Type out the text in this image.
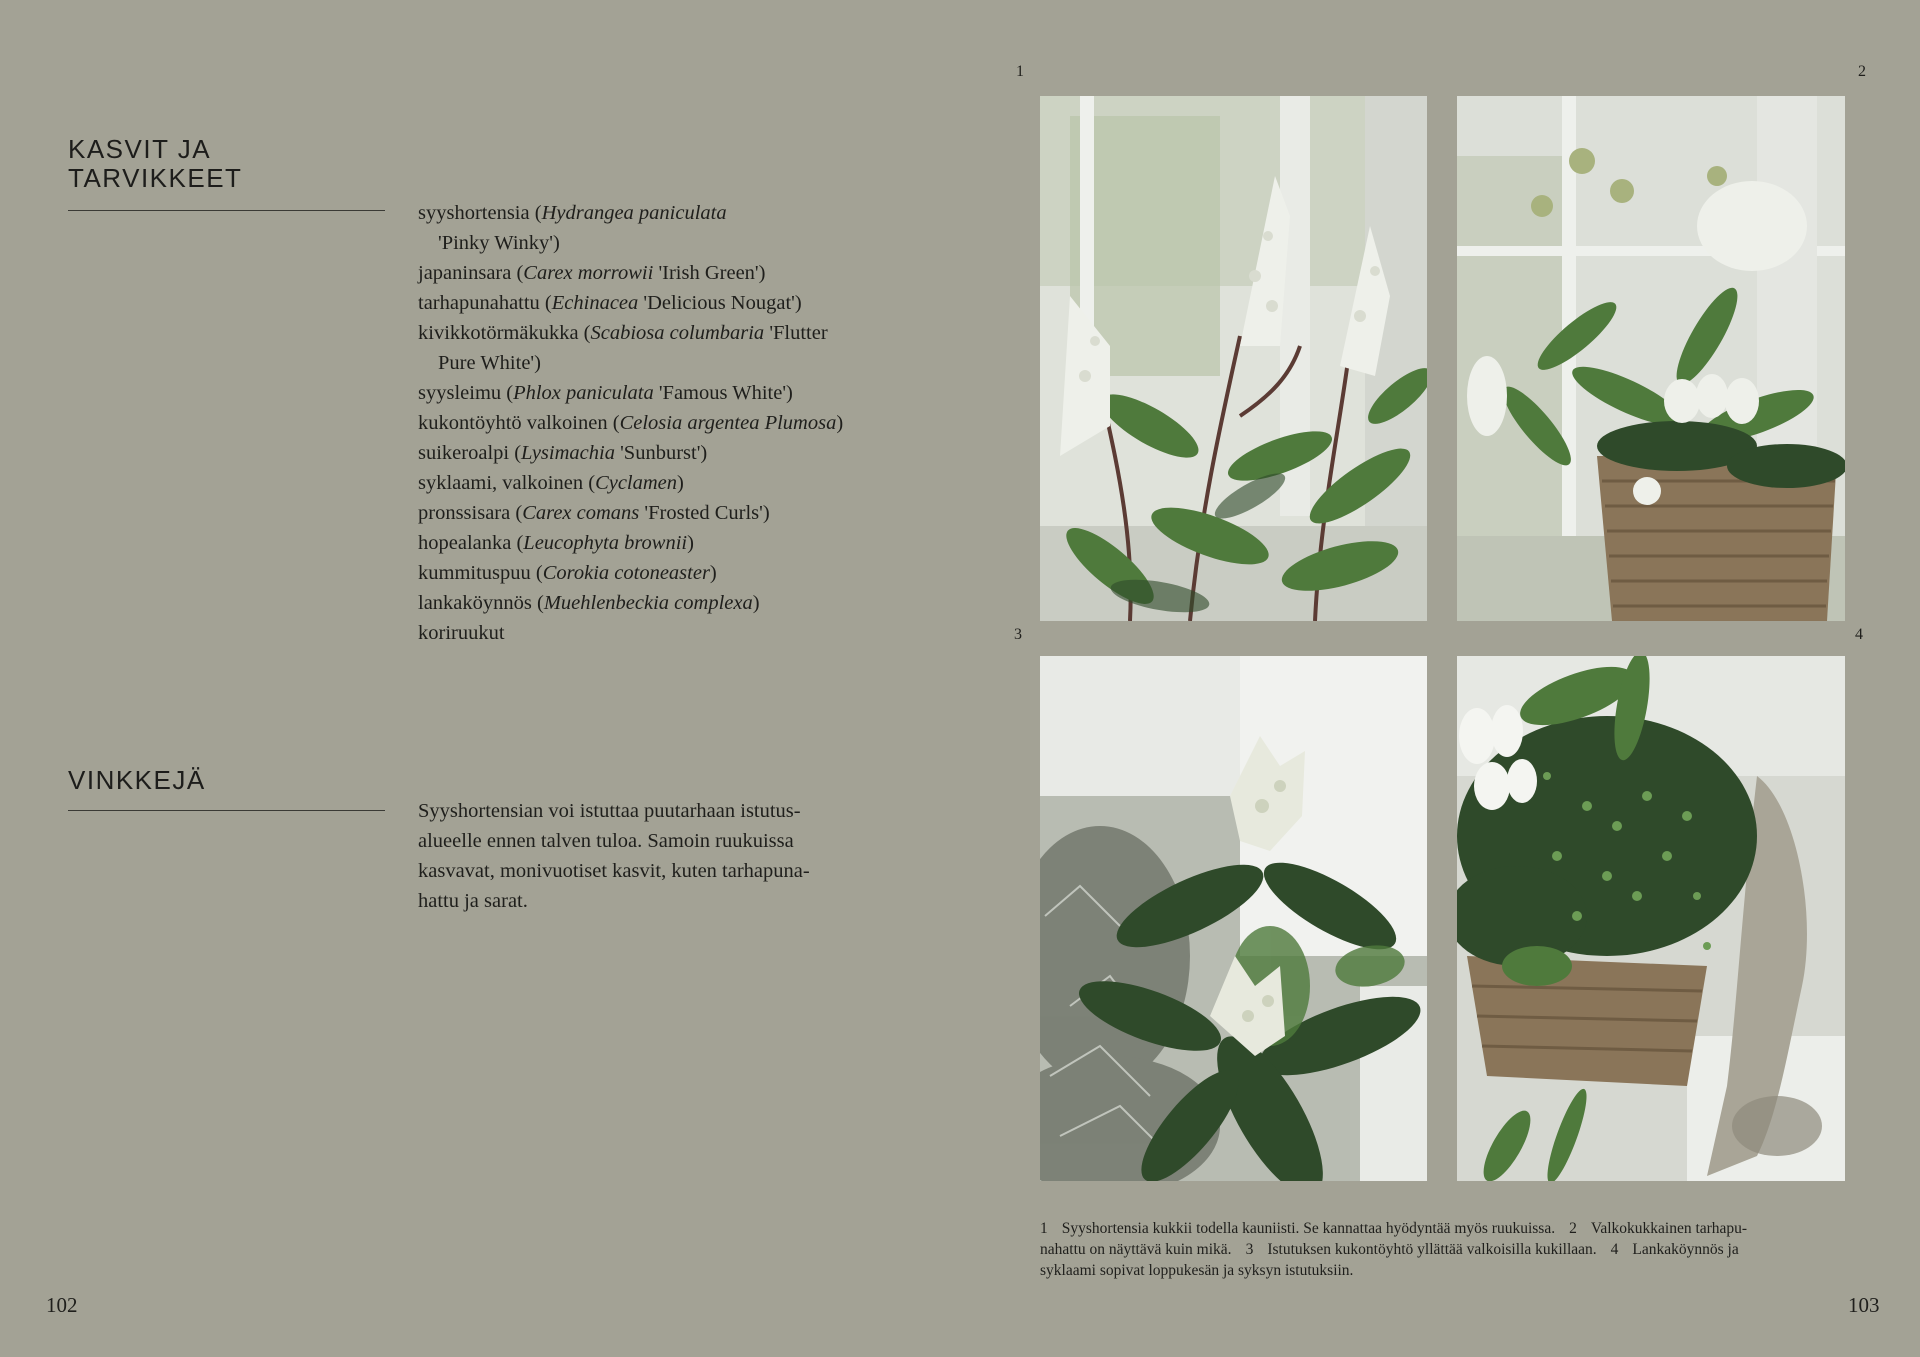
KASVIT JA
TARVIKKEET
syyshortensia (Hydrangea paniculata
'Pinky Winky')
japaninsara (Carex morrowii 'Irish Green')
tarhapunahattu (Echinacea 'Delicious Nougat')
kivikkotörmäkukka (Scabiosa columbaria 'Flutter
Pure White')
syysleimu (Phlox paniculata 'Famous White')
kukontöyhtö valkoinen (Celosia argentea Plumosa)
suikeroalpi (Lysimachia 'Sunburst')
syklaami, valkoinen (Cyclamen)
pronssisara (Carex comans 'Frosted Curls')
hopealanka (Leucophyta brownii)
kummituspuu (Corokia cotoneaster)
lankaköynnös (Muehlenbeckia complexa)
koriruukut
VINKKEJÄ
Syyshortensian voi istuttaa puutarhaan istutus-
alueelle ennen talven tuloa. Samoin ruukuissa
kasvavat, monivuotiset kasvit, kuten tarhapuna-
hattu ja sarat.
102
1	2
3	4
1 Syyshortensia kukkii todella kauniisti. Se kannattaa hyödyntää myös ruukuissa. 2 Valkokukkainen tarhapu-
nahattu on näyttävä kuin mikä. 3 Istutuksen kukontöyhtö yllättää valkoisilla kukillaan. 4 Lankaköynnös ja
syklaami sopivat loppukesän ja syksyn istutuksiin.
103
